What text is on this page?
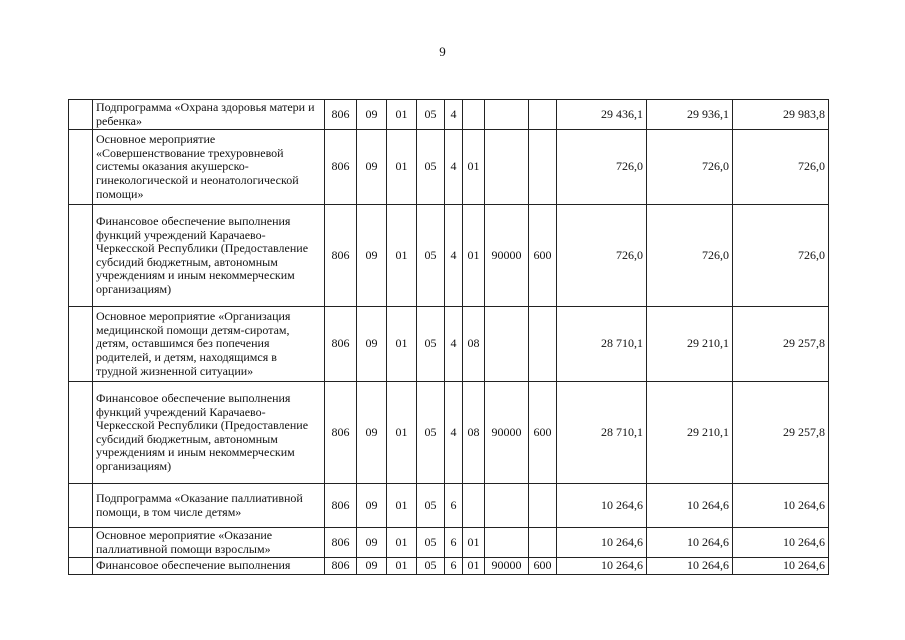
9
	Подпрограмма «Охрана здоровья матери и ребенка»	806	09	01	05	4				29 436,1	29 936,1	29 983,8
	Основное мероприятие «Совершенствование трехуровневой системы оказания акушерско-гинекологической и неонатологической помощи»	806	09	01	05	4	01			726,0	726,0	726,0
	Финансовое обеспечение выполнения функций учреждений Карачаево-Черкесской Республики (Предоставление субсидий бюджетным, автономным учреждениям и иным некоммерческим организациям)	806	09	01	05	4	01	90000	600	726,0	726,0	726,0
	Основное мероприятие «Организация медицинской помощи детям-сиротам, детям, оставшимся без попечения родителей, и детям, находящимся в трудной жизненной ситуации»	806	09	01	05	4	08			28 710,1	29 210,1	29 257,8
	Финансовое обеспечение выполнения функций учреждений Карачаево-Черкесской Республики (Предоставление субсидий бюджетным, автономным учреждениям и иным некоммерческим организациям)	806	09	01	05	4	08	90000	600	28 710,1	29 210,1	29 257,8
	Подпрограмма «Оказание паллиативной помощи, в том числе детям»	806	09	01	05	6				10 264,6	10 264,6	10 264,6
	Основное мероприятие «Оказание паллиативной помощи взрослым»	806	09	01	05	6	01			10 264,6	10 264,6	10 264,6
	Финансовое обеспечение выполнения	806	09	01	05	6	01	90000	600	10 264,6	10 264,6	10 264,6
